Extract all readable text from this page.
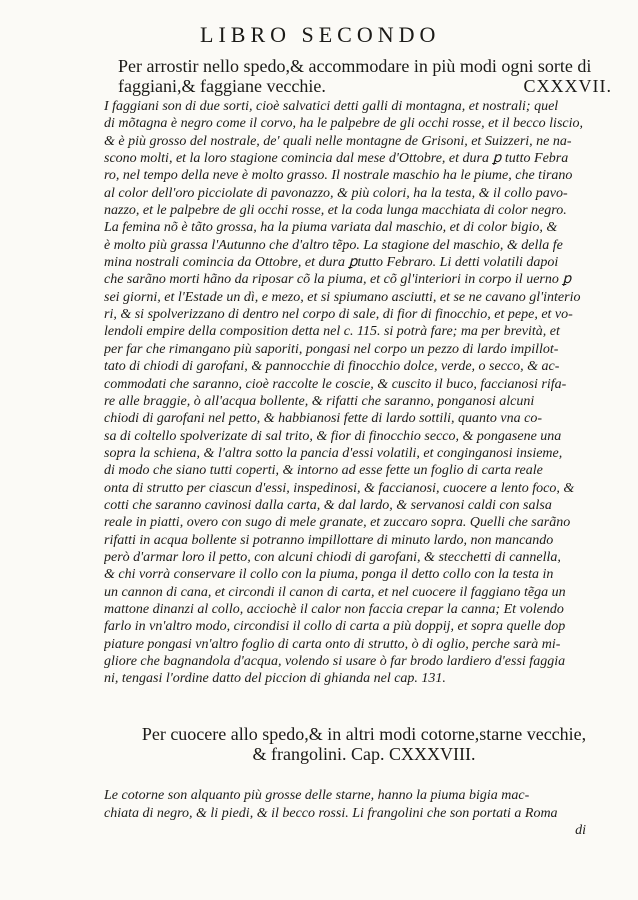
LIBRO SECONDO
Per arrostir nello spedo,& accommodare in più modi ogni sorte di
faggiani,& faggiane vecchie.	CXXXVII.
I faggiani son di due sorti, cioè salvatici detti galli di montagna, et nostrali; quel
di mõtagna è negro come il corvo, ha le palpebre de gli occhi rosse, et il becco liscio,
& è più grosso del nostrale, de' quali nelle montagne de Grisoni, et Suizzeri, ne na-
scono molti, et la loro stagione comincia dal mese d'Ottobre, et dura ꝑ tutto Febra
ro, nel tempo della neve è molto grasso. Il nostrale maschio ha le piume, che tirano
al color dell'oro picciolate di pavonazzo, & più colori, ha la testa, & il collo pavo-
nazzo, et le palpebre de gli occhi rosse, et la coda lunga macchiata di color negro.
La femina nõ è tãto grossa, ha la piuma variata dal maschio, et di color bigio, &
è molto più grassa l'Autunno che d'altro tẽpo. La stagione del maschio, & della fe
mina nostrali comincia da Ottobre, et dura ꝑtutto Febraro. Li detti volatili dapoi
che sarãno morti hãno da riposar cõ la piuma, et cõ gl'interiori in corpo il uerno ꝑ
sei giorni, et l'Estade un dì, e mezo, et si spiumano asciutti, et se ne cavano gl'interio
ri, & si spolverizzano di dentro nel corpo di sale, di fior di finocchio, et pepe, et vo-
lendoli empire della composition detta nel c. 115. si potrà fare; ma per brevità, et
per far che rimangano più saporiti, pongasi nel corpo un pezzo di lardo impillot-
tato di chiodi di garofani, & pannocchie di finocchio dolce, verde, o secco, & ac-
commodati che saranno, cioè raccolte le coscie, & cuscito il buco, faccianosi rifa-
re alle braggie, ò all'acqua bollente, & rifatti che saranno, ponganosi alcuni
chiodi di garofani nel petto, & habbianosi fette di lardo sottili, quanto vna co-
sa di coltello spolverizate di sal trito, & fior di finocchio secco, & pongasene una
sopra la schiena, & l'altra sotto la pancia d'essi volatili, et conginganosi insieme,
di modo che siano tutti coperti, & intorno ad esse fette un foglio di carta reale
onta di strutto per ciascun d'essi, inspedinosi, & faccianosi, cuocere a lento foco, &
cotti che saranno cavinosi dalla carta, & dal lardo, & servanosi caldi con salsa
reale in piatti, overo con sugo di mele granate, et zuccaro sopra. Quelli che sarãno
rifatti in acqua bollente si potranno impillottare di minuto lardo, non mancando
però d'armar loro il petto, con alcuni chiodi di garofani, & stecchetti di cannella,
& chi vorrà conservare il collo con la piuma, ponga il detto collo con la testa in
un cannon di cana, et circondi il canon di carta, et nel cuocere il faggiano tẽga un
mattone dinanzi al collo, acciochè il calor non faccia crepar la canna; Et volendo
farlo in vn'altro modo, circondisi il collo di carta a più doppij, et sopra quelle dop
piature pongasi vn'altro foglio di carta onto di strutto, ò di oglio, perche sarà mi-
gliore che bagnandola d'acqua, volendo si usare ò far brodo lardiero d'essi faggia
ni, tengasi l'ordine datto del piccion di ghianda nel cap. 131.
Per cuocere allo spedo,& in altri modi cotorne,starne vecchie,
& frangolini. Cap. CXXXVIII.
Le cotorne son alquanto più grosse delle starne, hanno la piuma bigia mac-
chiata di negro, & li piedi, & il becco rossi. Li frangolini che son portati a Roma
di
